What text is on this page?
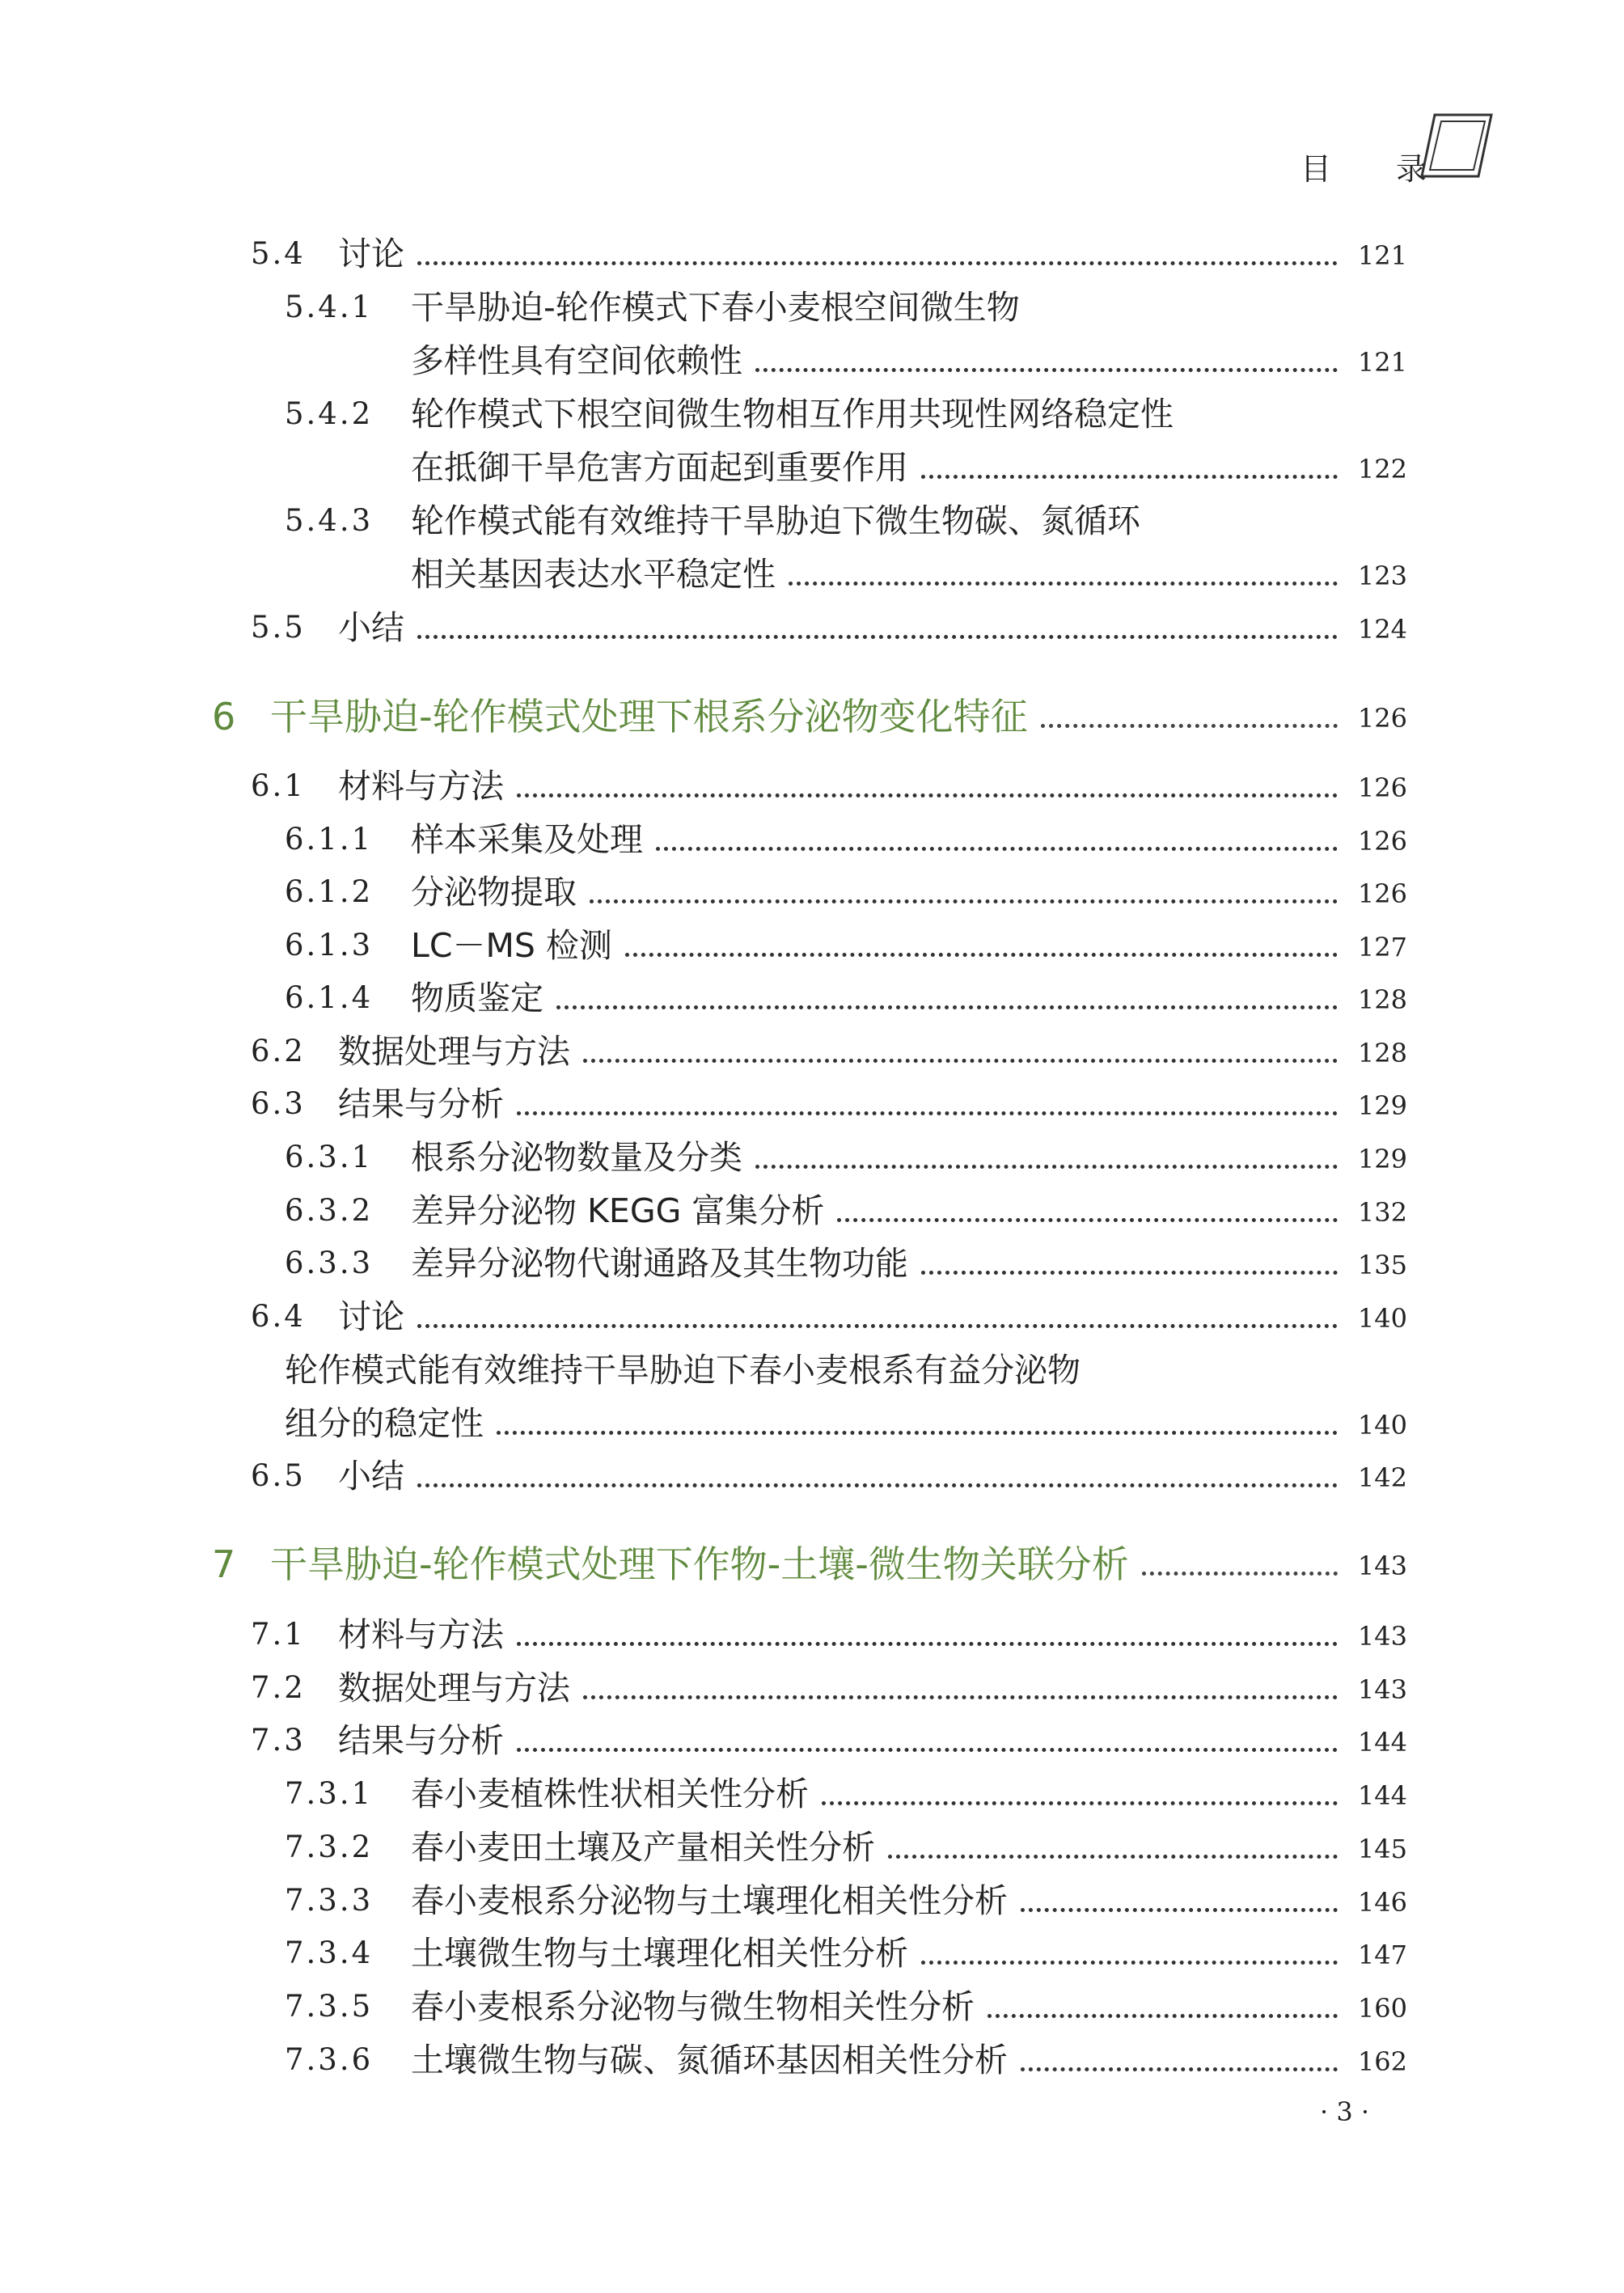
目 录
5.4 讨论	121
5.4.1	干旱胁迫-轮作模式下春小麦根空间微生物
多样性具有空间依赖性	121
5.4.2	轮作模式下根空间微生物相互作用共现性网络稳定性
在抵御干旱危害方面起到重要作用	122
5.4.3	轮作模式能有效维持干旱胁迫下微生物碳、氮循环
相关基因表达水平稳定性	123
5.5 小结	124
6 干旱胁迫-轮作模式处理下根系分泌物变化特征	126
6.1 材料与方法	126
6.1.1	样本采集及处理	126
6.1.2	分泌物提取	126
6.1.3	LC－MS 检测	127
6.1.4	物质鉴定	128
6.2 数据处理与方法	128
6.3 结果与分析	129
6.3.1	根系分泌物数量及分类	129
6.3.2	差异分泌物 KEGG 富集分析	132
6.3.3	差异分泌物代谢通路及其生物功能	135
6.4 讨论	140
轮作模式能有效维持干旱胁迫下春小麦根系有益分泌物
组分的稳定性	140
6.5 小结	142
7 干旱胁迫-轮作模式处理下作物-土壤-微生物关联分析	143
7.1 材料与方法	143
7.2 数据处理与方法	143
7.3 结果与分析	144
7.3.1	春小麦植株性状相关性分析	144
7.3.2	春小麦田土壤及产量相关性分析	145
7.3.3	春小麦根系分泌物与土壤理化相关性分析	146
7.3.4	土壤微生物与土壤理化相关性分析	147
7.3.5	春小麦根系分泌物与微生物相关性分析	160
7.3.6	土壤微生物与碳、氮循环基因相关性分析	162
· 3 ·
